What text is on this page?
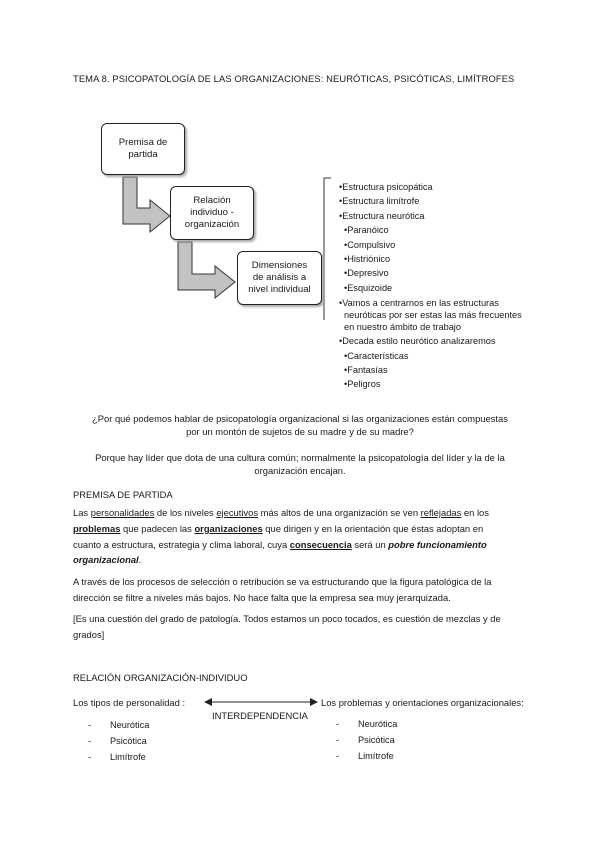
TEMA 8. PSICOPATOLOGÍA DE LAS ORGANIZACIONES: NEURÓTICAS, PSICÓTICAS, LIMÍTROFES
Premisa de
partida
Relación
individuo -
organización
Dimensiones
de análisis a
nivel individual
•Estructura psicopática
•Estructura limítrofe
•Estructura neurótica
•Paranóico
•Compulsivo
•Histriónico
•Depresivo
•Esquizoide
•Vamos a centrarnos en las estructuras
neuróticas por ser estas las más frecuentes
en nuestro ámbito de trabajo
•Decada estilo neurótico analizaremos
•Características
•Fantasías
•Peligros
¿Por qué podemos hablar de psicopatología organizacional si las organizaciones están compuestas
por un montón de sujetos de su madre y de su madre?
Porque hay líder que dota de una cultura común; normalmente la psicopatología del líder y la de la
organización encajan.
PREMISA DE PARTIDA
Las personalidades de los niveles ejecutivos más altos de una organización se ven reflejadas en los
problemas que padecen las organizaciones que dirigen y en la orientación que éstas adoptan en
cuanto a estructura, estrategia y clima laboral, cuya consecuencia será un pobre funcionamiento
organizacional.
A través de los procesos de selección o retribución se va estructurando que la figura patológica de la
dirección se filtre a niveles más bajos. No hace falta que la empresa sea muy jerarquizada.
[Es una cuestión del grado de patología. Todos estamos un poco tocados, es cuestión de mezclas y de
grados]
RELACIÓN ORGANIZACIÓN-INDIVIDUO
Los tipos de personalidad :	Los problemas y orientaciones organizacionales:
INTERDEPENDENCIA
-	Neurótica
-	Psicótica
-	Limítrofe
-	Neurótica
-	Psicótica
-	Limítrofe
